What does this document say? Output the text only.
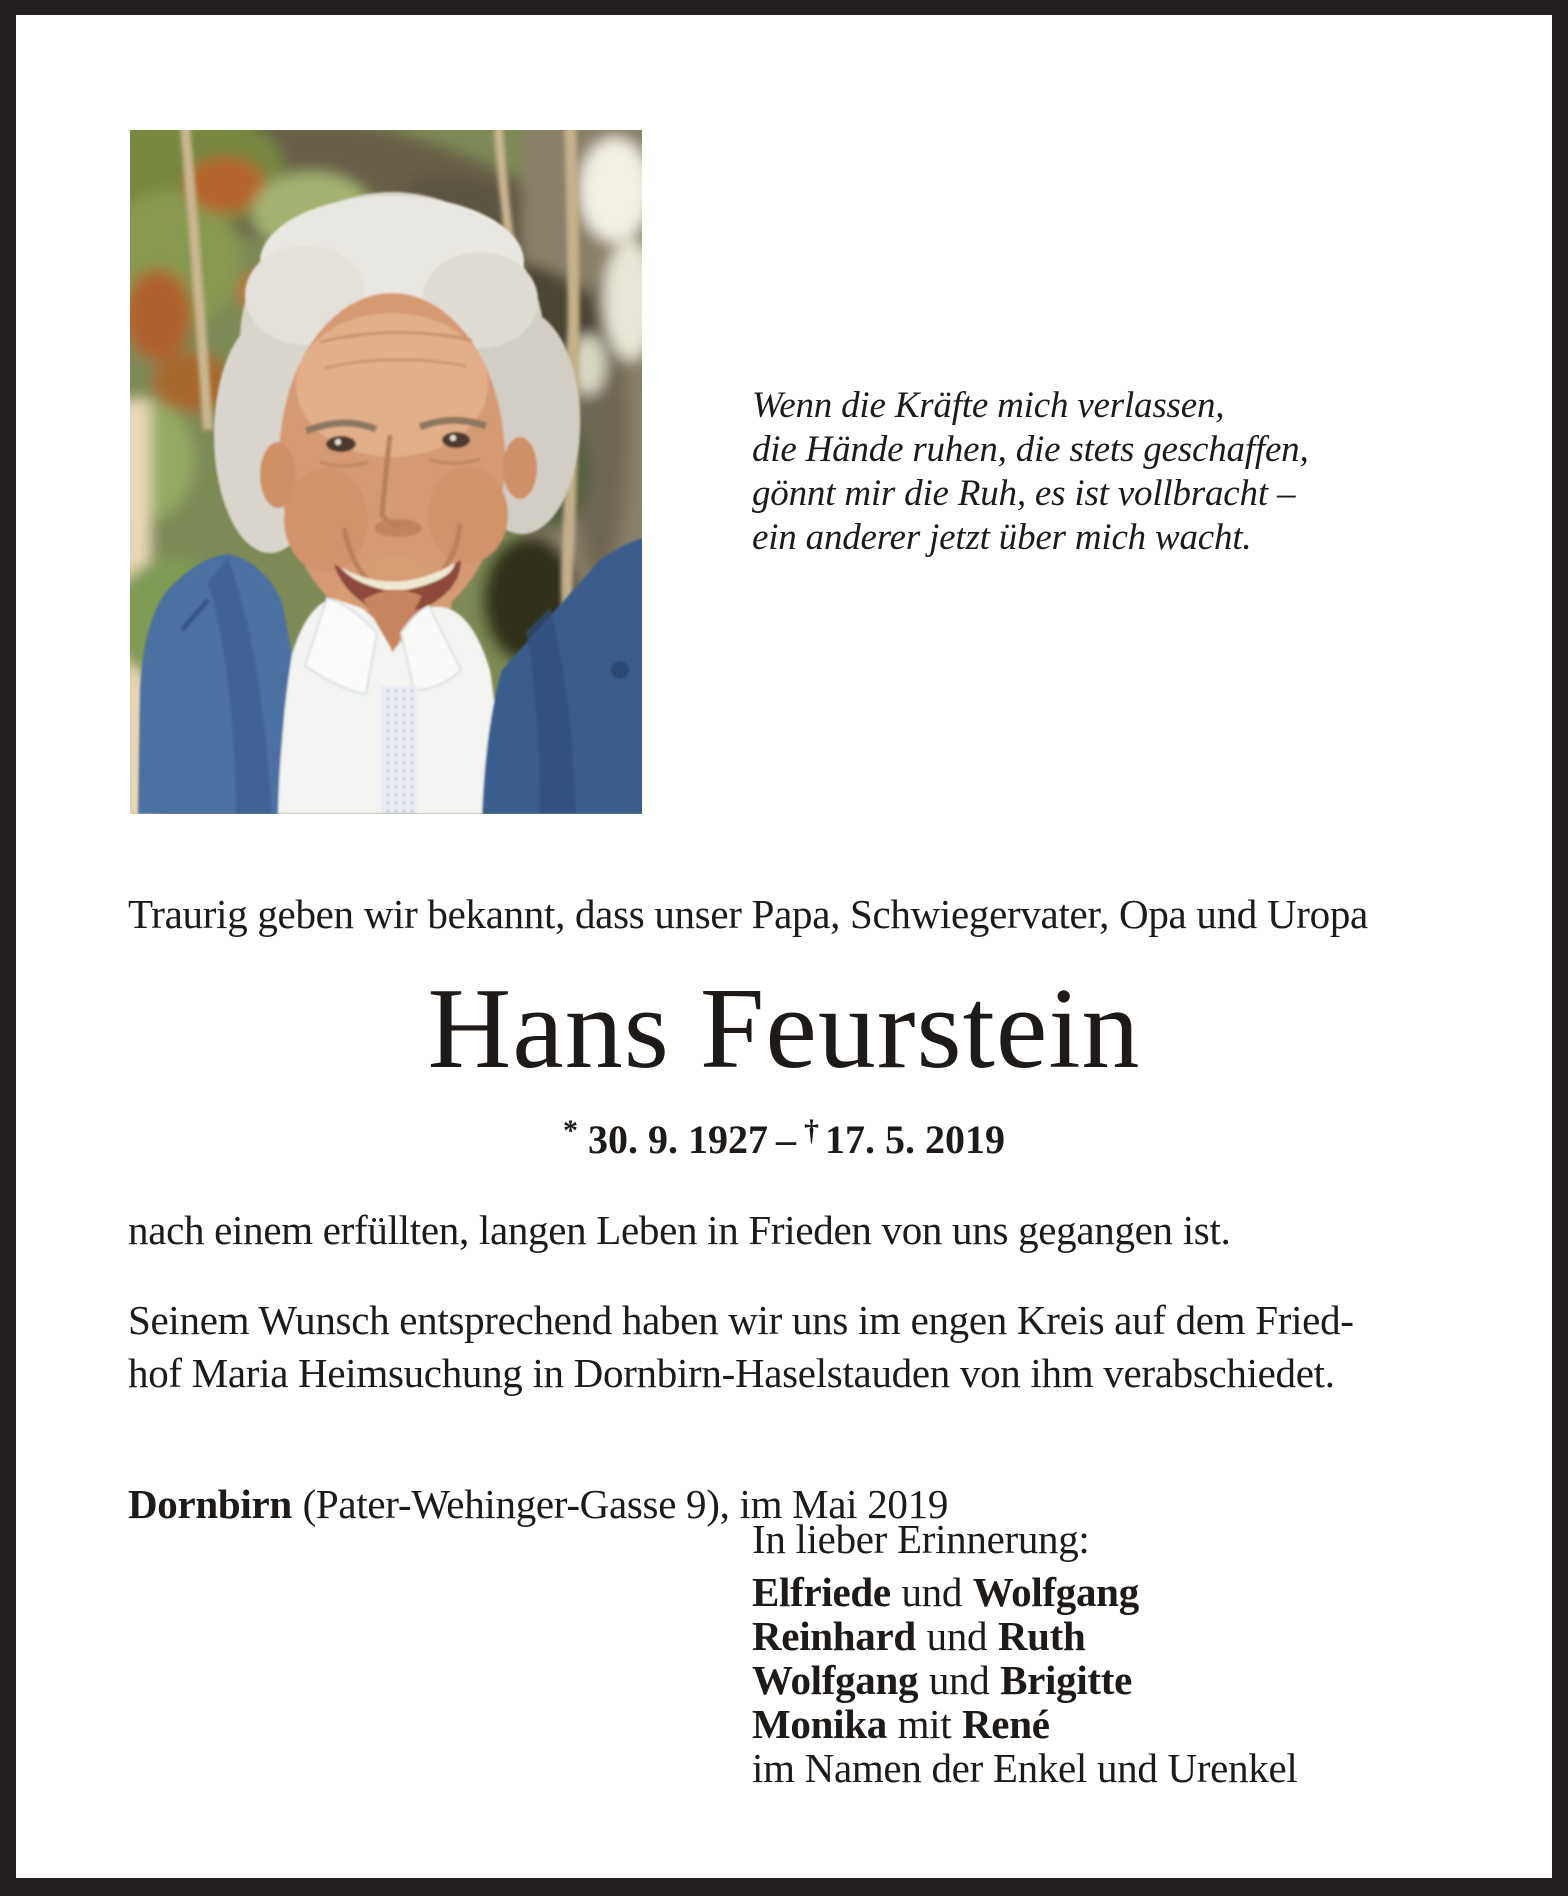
Wenn die Kräfte mich verlassen,
die Hände ruhen, die stets geschaffen,
gönnt mir die Ruh, es ist vollbracht –
ein anderer jetzt über mich wacht.
Traurig geben wir bekannt, dass unser Papa, Schwiegervater, Opa und Uropa
Hans Feurstein
* 30. 9. 1927 – † 17. 5. 2019
nach einem erfüllten, langen Leben in Frieden von uns gegangen ist.
Seinem Wunsch entsprechend haben wir uns im engen Kreis auf dem Fried-
hof Maria Heimsuchung in Dornbirn-Haselstauden von ihm verabschiedet.
Dornbirn (Pater-Wehinger-Gasse 9), im Mai 2019
In lieber Erinnerung:
Elfriede und Wolfgang
Reinhard und Ruth
Wolfgang und Brigitte
Monika mit René
im Namen der Enkel und Urenkel
